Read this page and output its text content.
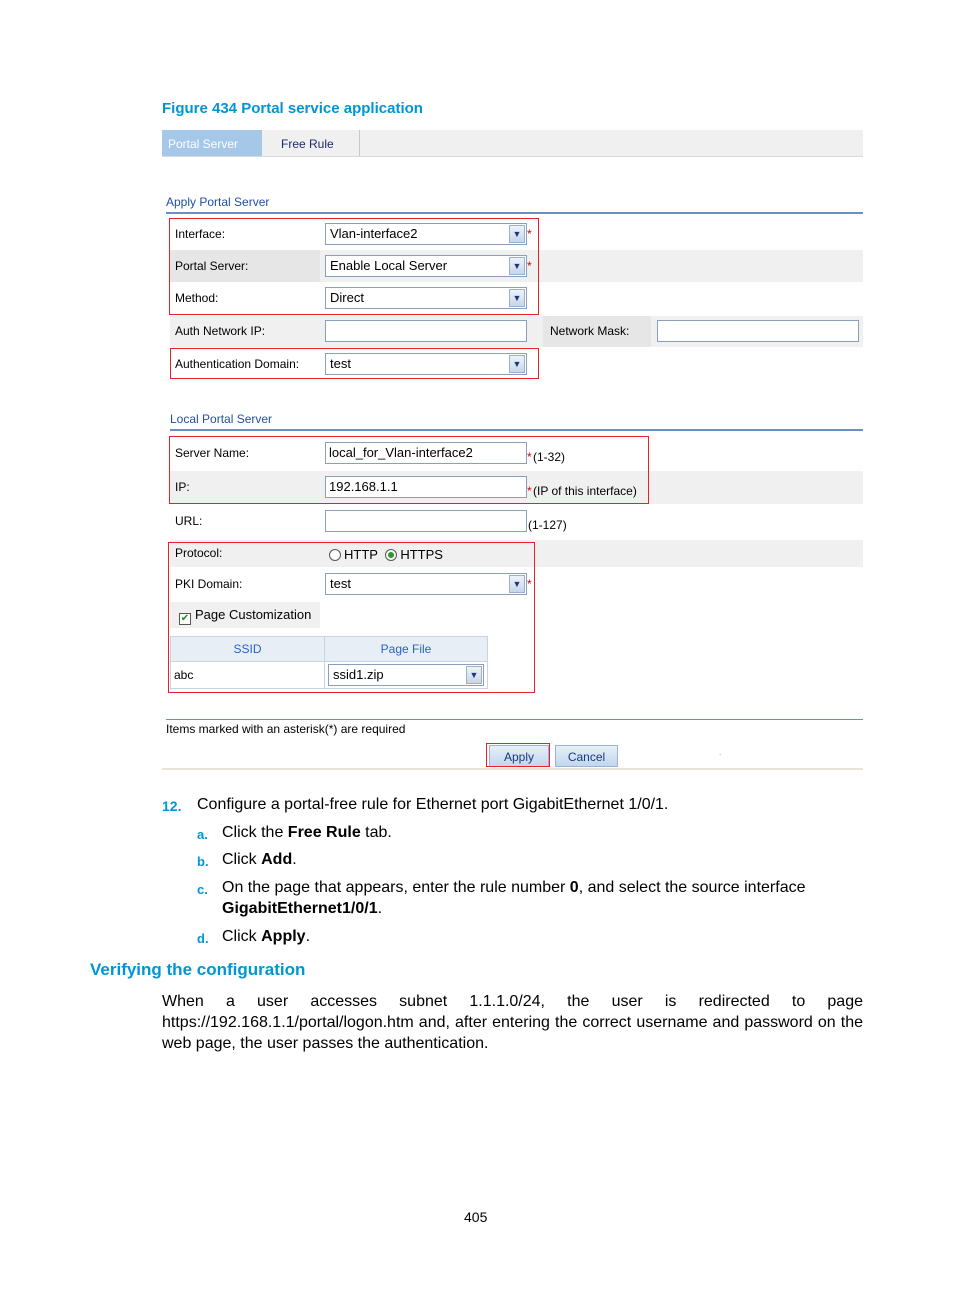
Figure 434 Portal service application
Portal Server	Free Rule
Apply Portal Server
Interface:	Vlan-interface2	▼ *
Portal Server:	Enable Local Server	▼ *
Method:	Direct	▼
Auth Network IP:	Network Mask:
Authentication Domain:	test	▼
Local Portal Server
Server Name:	local_for_Vlan-interface2	* (1-32)
IP:	192.168.1.1	* (IP of this interface)
URL:	(1-127)
Protocol:	HTTP HTTPS
PKI Domain:	test	▼ *
✔ Page Customization
SSID	Page File
abc	ssid1.zip	▼
Items marked with an asterisk(*) are required
Apply	Cancel	.
12. Configure a portal-free rule for Ethernet port GigabitEthernet 1/0/1.
a. Click the Free Rule tab.
b. Click Add.
c. On the page that appears, enter the rule number 0, and select the source interface
GigabitEthernet1/0/1.
d. Click Apply.
Verifying the configuration
When a user accesses subnet 1.1.1.0/24, the user is redirected to page https://192.168.1.1/portal/logon.htm and, after entering the correct username and password on the web page, the user passes the authentication.
405
